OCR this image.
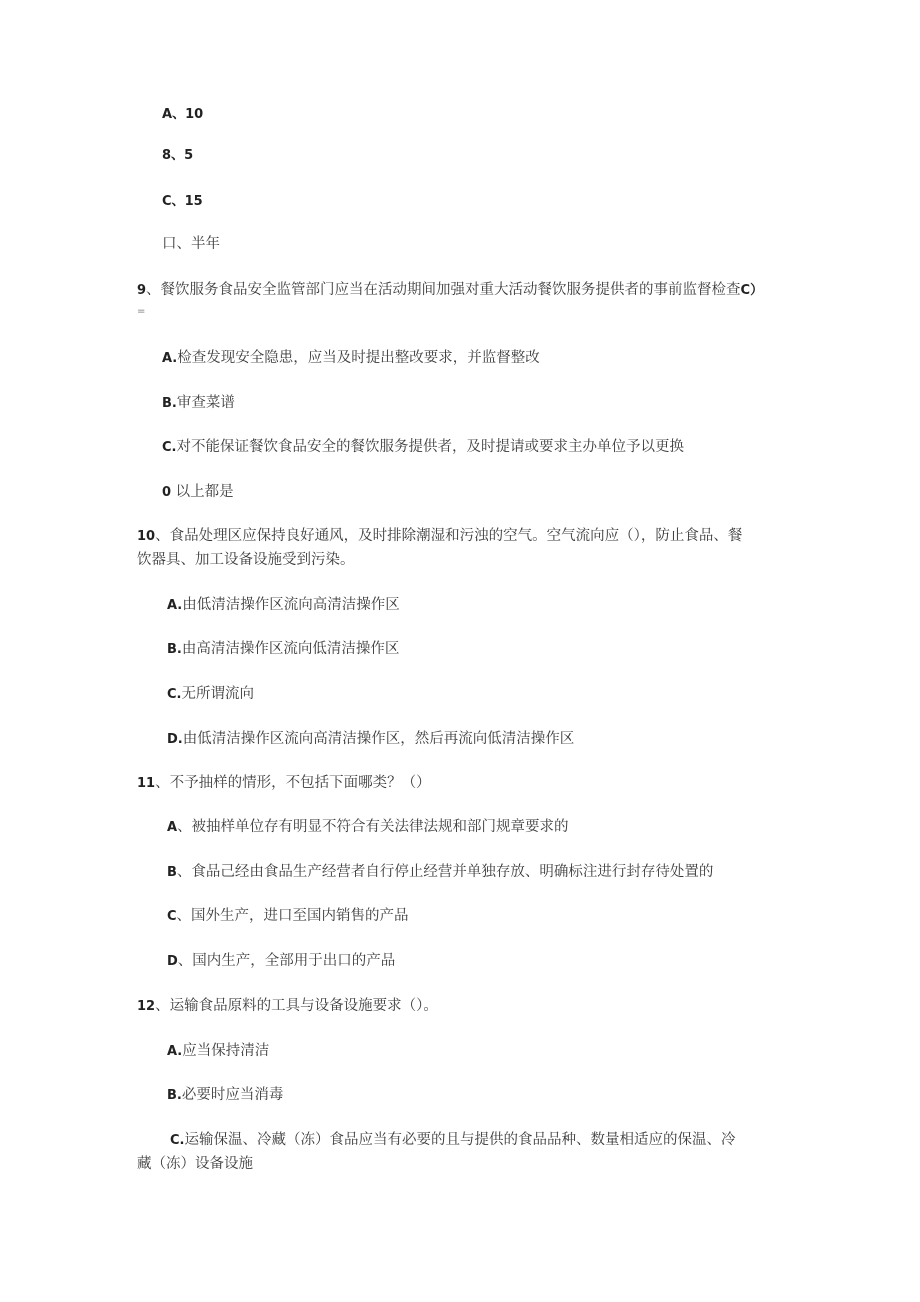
A、10
8、5
C、15
口、半年
9、餐饮服务食品安全监管部门应当在活动期间加强对重大活动餐饮服务提供者的事前监督检查C）
=
A.检查发现安全隐患，应当及时提出整改要求，并监督整改
B.审查菜谱
C.对不能保证餐饮食品安全的餐饮服务提供者，及时提请或要求主办单位予以更换
0 以上都是
10、食品处理区应保持良好通风，及时排除潮湿和污浊的空气。空气流向应（），防止食品、餐
饮器具、加工设备设施受到污染。
A.由低清洁操作区流向高清洁操作区
B.由高清洁操作区流向低清洁操作区
C.无所谓流向
D.由低清洁操作区流向高清洁操作区，然后再流向低清洁操作区
11、不予抽样的情形，不包括下面哪类？（）
A、被抽样单位存有明显不符合有关法律法规和部门规章要求的
B、食品己经由食品生产经营者自行停止经营并单独存放、明确标注进行封存待处置的
C、国外生产，进口至国内销售的产品
D、国内生产，全部用于出口的产品
12、运输食品原料的工具与设备设施要求（）。
A.应当保持清洁
B.必要时应当消毒
C.运输保温、冷藏（冻）食品应当有必要的且与提供的食品品种、数量相适应的保温、冷
藏（冻）设备设施
